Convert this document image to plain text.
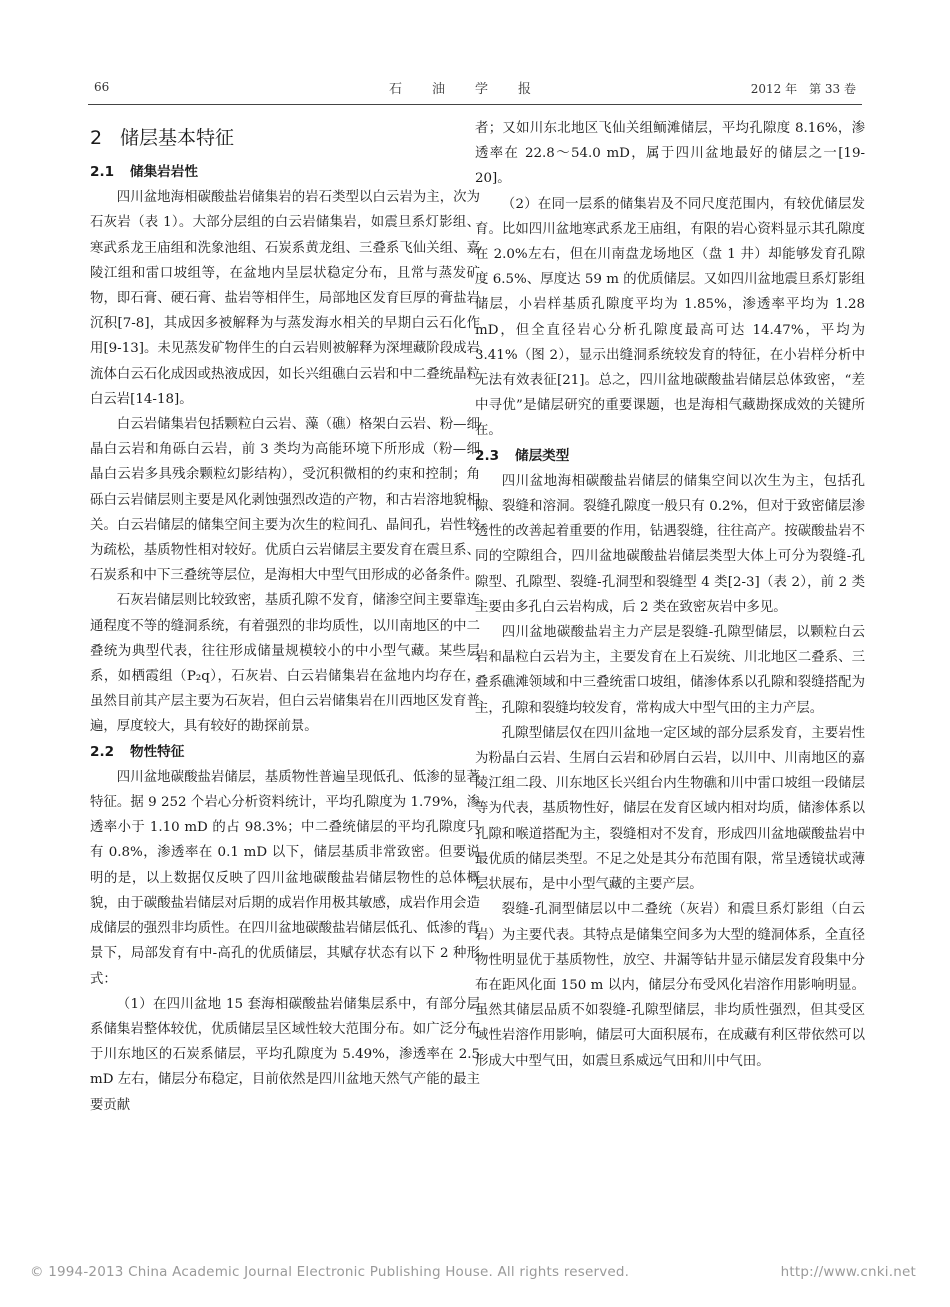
66	石油学报	2012 年　第 33 卷
2 储层基本特征
2.1 储集岩岩性

四川盆地海相碳酸盐岩储集岩的岩石类型以白云岩为主，次为石灰岩（表 1）。大部分层组的白云岩储集岩，如震旦系灯影组、寒武系龙王庙组和洗象池组、石炭系黄龙组、三叠系飞仙关组、嘉陵江组和雷口坡组等，在盆地内呈层状稳定分布，且常与蒸发矿物，即石膏、硬石膏、盐岩等相伴生，局部地区发育巨厚的膏盐岩沉积[7-8]，其成因多被解释为与蒸发海水相关的早期白云石化作用[9-13]。未见蒸发矿物伴生的白云岩则被解释为深埋藏阶段成岩流体白云石化成因或热液成因，如长兴组礁白云岩和中二叠统晶粒白云岩[14-18]。

白云岩储集岩包括颗粒白云岩、藻（礁）格架白云岩、粉—细晶白云岩和角砾白云岩，前 3 类均为高能环境下所形成（粉—细晶白云岩多具残余颗粒幻影结构），受沉积微相的约束和控制；角砾白云岩储层则主要是风化剥蚀强烈改造的产物，和古岩溶地貌相关。白云岩储层的储集空间主要为次生的粒间孔、晶间孔，岩性较为疏松，基质物性相对较好。优质白云岩储层主要发育在震旦系、石炭系和中下三叠统等层位，是海相大中型气田形成的必备条件。

石灰岩储层则比较致密，基质孔隙不发育，储渗空间主要靠连通程度不等的缝洞系统，有着强烈的非均质性，以川南地区的中二叠统为典型代表，往往形成储量规模较小的中小型气藏。某些层系，如栖霞组（P₂q），石灰岩、白云岩储集岩在盆地内均存在，虽然目前其产层主要为石灰岩，但白云岩储集岩在川西地区发育普遍，厚度较大，具有较好的勘探前景。

2.2 物性特征

四川盆地碳酸盐岩储层，基质物性普遍呈现低孔、低渗的显著特征。据 9 252 个岩心分析资料统计，平均孔隙度为 1.79%，渗透率小于 1.10 mD 的占 98.3%；中二叠统储层的平均孔隙度只有 0.8%，渗透率在 0.1 mD 以下，储层基质非常致密。但要说明的是，以上数据仅反映了四川盆地碳酸盐岩储层物性的总体概貌，由于碳酸盐岩储层对后期的成岩作用极其敏感，成岩作用会造成储层的强烈非均质性。在四川盆地碳酸盐岩储层低孔、低渗的背景下，局部发育有中-高孔的优质储层，其赋存状态有以下 2 种形式：

（1）在四川盆地 15 套海相碳酸盐岩储集层系中，有部分层系储集岩整体较优，优质储层呈区域性较大范围分布。如广泛分布于川东地区的石炭系储层，平均孔隙度为 5.49%，渗透率在 2.5 mD 左右，储层分布稳定，目前依然是四川盆地天然气产能的最主要贡献

者；又如川东北地区飞仙关组鲕滩储层，平均孔隙度 8.16%，渗透率在 22.8～54.0 mD，属于四川盆地最好的储层之一[19-20]。

（2）在同一层系的储集岩及不同尺度范围内，有较优储层发育。比如四川盆地寒武系龙王庙组，有限的岩心资料显示其孔隙度在 2.0%左右，但在川南盘龙场地区（盘 1 井）却能够发育孔隙度 6.5%、厚度达 59 m 的优质储层。又如四川盆地震旦系灯影组储层，小岩样基质孔隙度平均为 1.85%，渗透率平均为 1.28 mD，但全直径岩心分析孔隙度最高可达 14.47%，平均为 3.41%（图 2），显示出缝洞系统较发育的特征，在小岩样分析中无法有效表征[21]。总之，四川盆地碳酸盐岩储层总体致密，“差中寻优”是储层研究的重要课题，也是海相气藏勘探成效的关键所在。

2.3 储层类型

四川盆地海相碳酸盐岩储层的储集空间以次生为主，包括孔隙、裂缝和溶洞。裂缝孔隙度一般只有 0.2%，但对于致密储层渗透性的改善起着重要的作用，钻遇裂缝，往往高产。按碳酸盐岩不同的空隙组合，四川盆地碳酸盐岩储层类型大体上可分为裂缝-孔隙型、孔隙型、裂缝-孔洞型和裂缝型 4 类[2-3]（表 2），前 2 类主要由多孔白云岩构成，后 2 类在致密灰岩中多见。

四川盆地碳酸盐岩主力产层是裂缝-孔隙型储层，以颗粒白云岩和晶粒白云岩为主，主要发育在上石炭统、川北地区二叠系、三叠系礁滩领域和中三叠统雷口坡组，储渗体系以孔隙和裂缝搭配为主，孔隙和裂缝均较发育，常构成大中型气田的主力产层。

孔隙型储层仅在四川盆地一定区域的部分层系发育，主要岩性为粉晶白云岩、生屑白云岩和砂屑白云岩，以川中、川南地区的嘉陵江组二段、川东地区长兴组台内生物礁和川中雷口坡组一段储层等为代表，基质物性好，储层在发育区域内相对均质，储渗体系以孔隙和喉道搭配为主，裂缝相对不发育，形成四川盆地碳酸盐岩中最优质的储层类型。不足之处是其分布范围有限，常呈透镜状或薄层状展布，是中小型气藏的主要产层。

裂缝-孔洞型储层以中二叠统（灰岩）和震旦系灯影组（白云岩）为主要代表。其特点是储集空间多为大型的缝洞体系，全直径物性明显优于基质物性，放空、井漏等钻井显示储层发育段集中分布在距风化面 150 m 以内，储层分布受风化岩溶作用影响明显。虽然其储层品质不如裂缝-孔隙型储层，非均质性强烈，但其受区域性岩溶作用影响，储层可大面积展布，在成藏有利区带依然可以形成大中型气田，如震旦系威远气田和川中气田。

© 1994-2013 China Academic Journal Electronic Publishing House. All rights reserved.	http://www.cnki.net
